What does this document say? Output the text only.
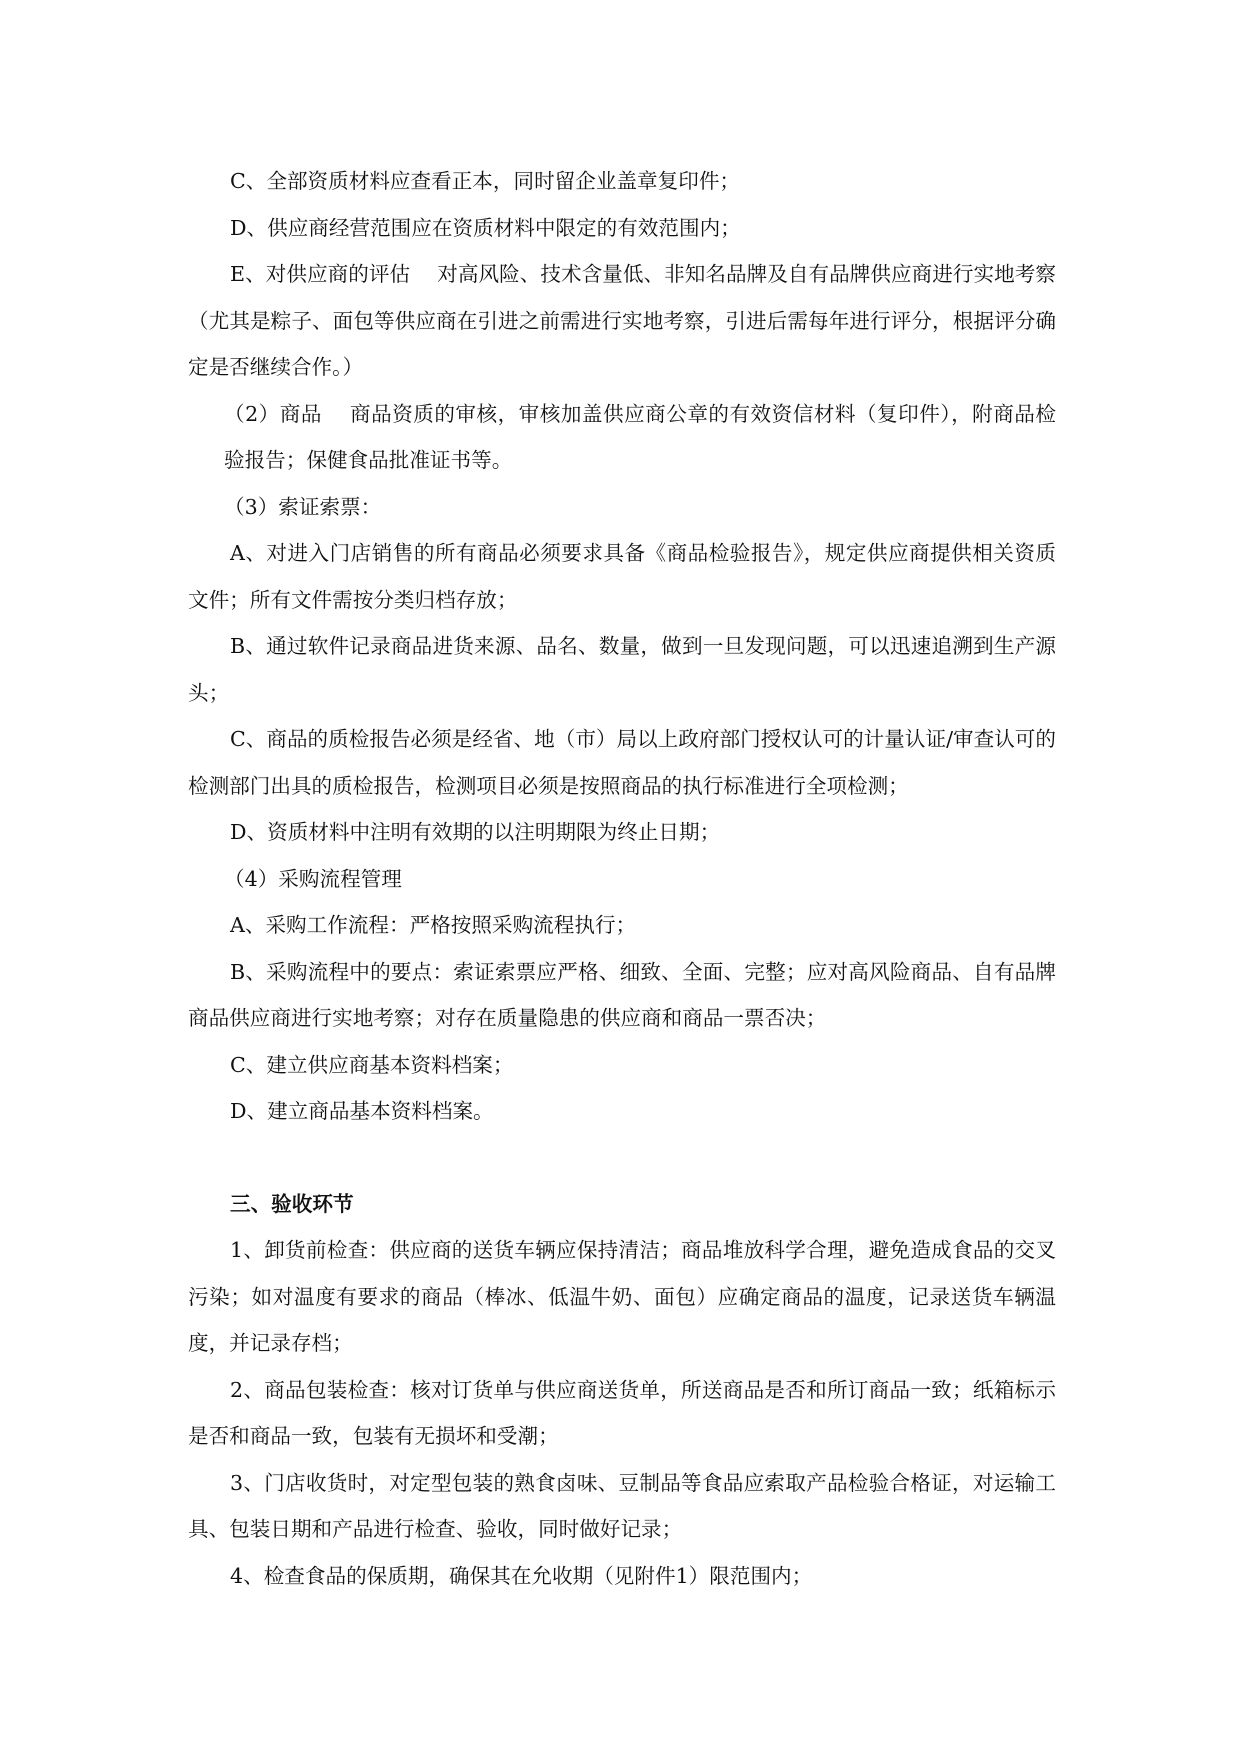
C、全部资质材料应查看正本，同时留企业盖章复印件；

D、供应商经营范围应在资质材料中限定的有效范围内；

E、对供应商的评估　 对高风险、技术含量低、非知名品牌及自有品牌供应商进行实地考察（尤其是粽子、面包等供应商在引进之前需进行实地考察，引进后需每年进行评分，根据评分确定是否继续合作。）

（2）商品　 商品资质的审核，审核加盖供应商公章的有效资信材料（复印件），附商品检验报告；保健食品批准证书等。

（3）索证索票：

A、对进入门店销售的所有商品必须要求具备《商品检验报告》，规定供应商提供相关资质文件；所有文件需按分类归档存放；

B、通过软件记录商品进货来源、品名、数量，做到一旦发现问题，可以迅速追溯到生产源头；

C、商品的质检报告必须是经省、地（市）局以上政府部门授权认可的计量认证/审查认可的检测部门出具的质检报告，检测项目必须是按照商品的执行标准进行全项检测；

D、资质材料中注明有效期的以注明期限为终止日期；

（4）采购流程管理

A、采购工作流程：严格按照采购流程执行；

B、采购流程中的要点：索证索票应严格、细致、全面、完整；应对高风险商品、自有品牌商品供应商进行实地考察；对存在质量隐患的供应商和商品一票否决；

C、建立供应商基本资料档案；

D、建立商品基本资料档案。

三、验收环节

1、卸货前检查：供应商的送货车辆应保持清洁；商品堆放科学合理，避免造成食品的交叉污染；如对温度有要求的商品（棒冰、低温牛奶、面包）应确定商品的温度，记录送货车辆温度，并记录存档；

2、商品包装检查：核对订货单与供应商送货单，所送商品是否和所订商品一致；纸箱标示是否和商品一致，包装有无损坏和受潮；

3、门店收货时，对定型包装的熟食卤味、豆制品等食品应索取产品检验合格证，对运输工具、包装日期和产品进行检查、验收，同时做好记录；

4、检查食品的保质期，确保其在允收期（见附件1）限范围内；
